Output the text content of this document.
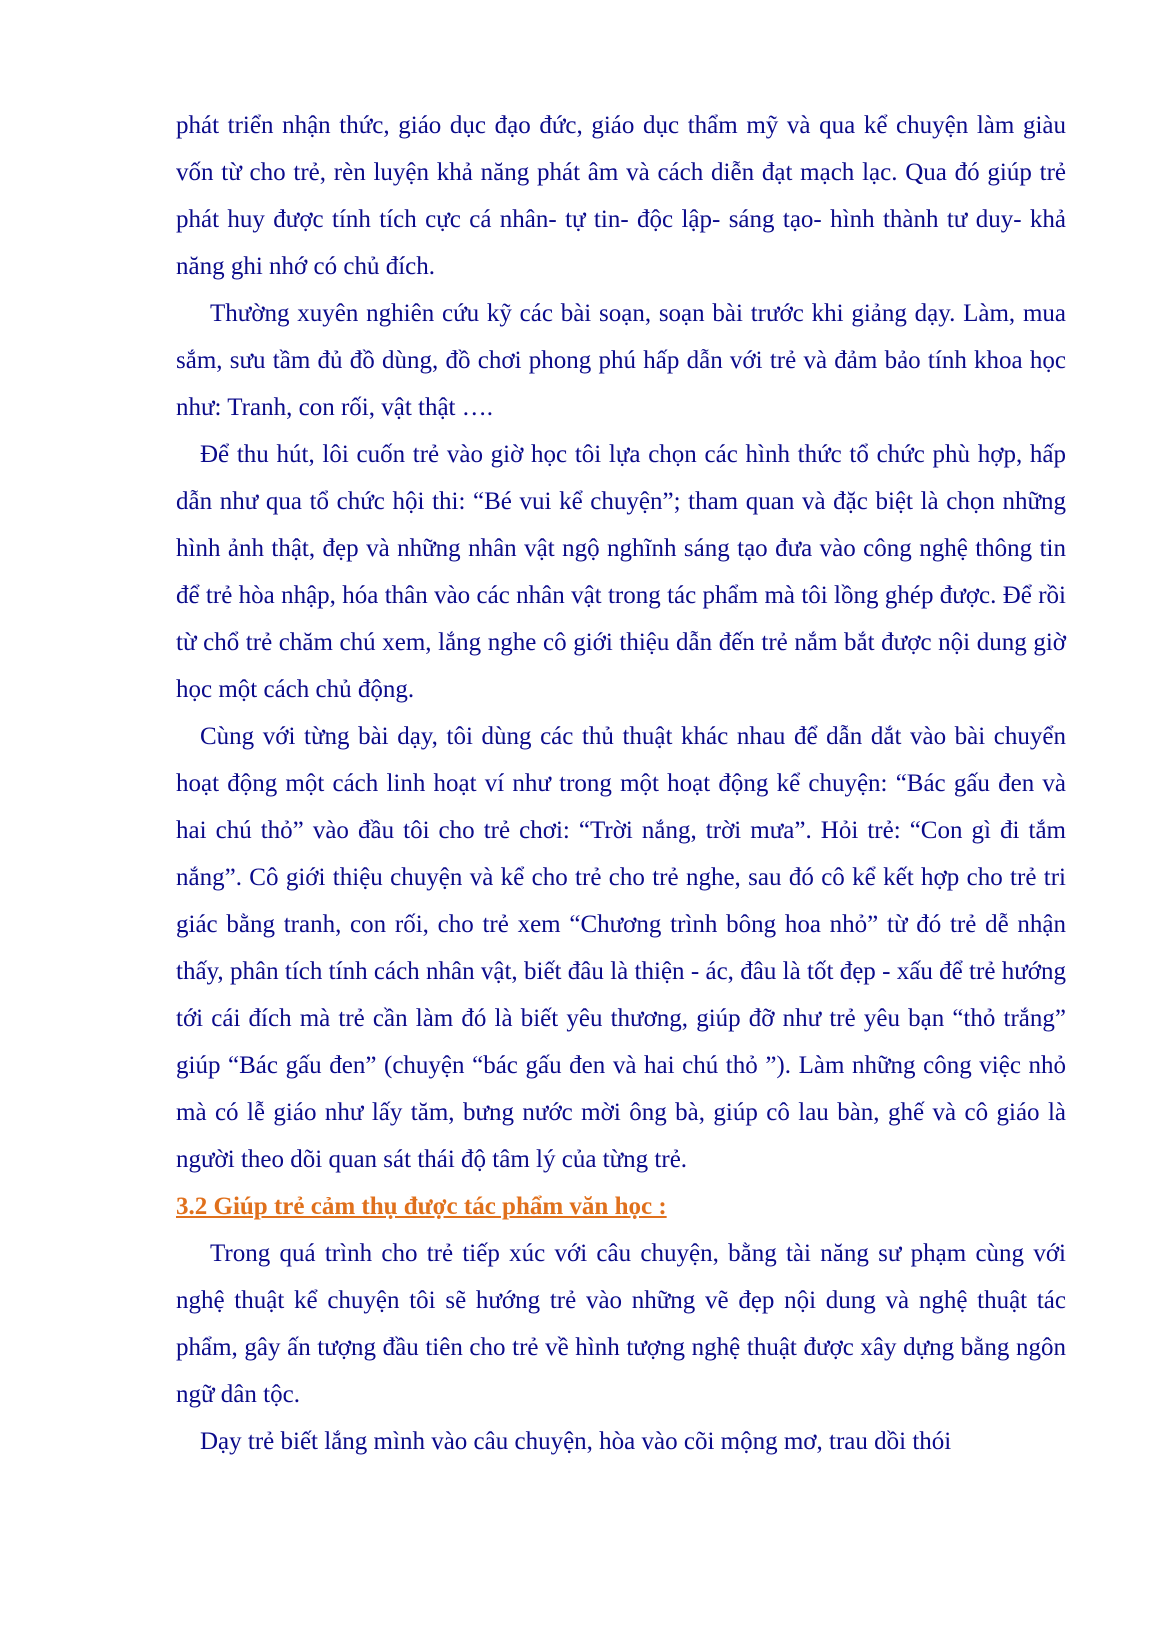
phát triển nhận thức, giáo dục đạo đức, giáo dục thẩm mỹ và qua kể chuyện làm giàu vốn từ cho trẻ, rèn luyện khả năng phát âm và cách diễn đạt mạch lạc. Qua đó giúp trẻ phát huy được tính tích cực cá nhân- tự tin- độc lập- sáng tạo- hình thành tư duy- khả năng ghi nhớ có chủ đích.

Thường xuyên nghiên cứu kỹ các bài soạn, soạn bài trước khi giảng dạy. Làm, mua sắm, sưu tầm đủ đồ dùng, đồ chơi phong phú hấp dẫn với trẻ và đảm bảo tính khoa học như: Tranh, con rối, vật thật ….

Để thu hút, lôi cuốn trẻ vào giờ học tôi lựa chọn các hình thức tổ chức phù hợp, hấp dẫn như qua tổ chức hội thi: “Bé vui kể chuyện”; tham quan và đặc biệt là chọn những hình ảnh thật, đẹp và những nhân vật ngộ nghĩnh sáng tạo đưa vào công nghệ thông tin để trẻ hòa nhập, hóa thân vào các nhân vật trong tác phẩm mà tôi lồng ghép được. Để rồi từ chổ trẻ chăm chú xem, lắng nghe cô giới thiệu dẫn đến trẻ nắm bắt được nội dung giờ học một cách chủ động.

Cùng với từng bài dạy, tôi dùng các thủ thuật khác nhau để dẫn dắt vào bài chuyển hoạt động một cách linh hoạt ví như trong một hoạt động kể chuyện: “Bác gấu đen và hai chú thỏ” vào đầu tôi cho trẻ chơi: “Trời nắng, trời mưa”. Hỏi trẻ: “Con gì đi tắm nắng”. Cô giới thiệu chuyện và kể cho trẻ cho trẻ nghe, sau đó cô kể kết hợp cho trẻ tri giác bằng tranh, con rối, cho trẻ xem “Chương trình bông hoa nhỏ” từ đó trẻ dễ nhận thấy, phân tích tính cách nhân vật, biết đâu là thiện - ác, đâu là tốt đẹp - xấu để trẻ hướng tới cái đích mà trẻ cần làm đó là biết yêu thương, giúp đỡ như trẻ yêu bạn “thỏ trắng” giúp “Bác gấu đen” (chuyện “bác gấu đen và hai chú thỏ ”). Làm những công việc nhỏ mà có lễ giáo như lấy tăm, bưng nước mời ông bà, giúp cô lau bàn, ghế và cô giáo là người theo dõi quan sát thái độ tâm lý của từng trẻ.

3.2 Giúp trẻ cảm thụ được tác phẩm văn học :

Trong quá trình cho trẻ tiếp xúc với câu chuyện, bằng tài năng sư phạm cùng với nghệ thuật kể chuyện tôi sẽ hướng trẻ vào những vẽ đẹp nội dung và nghệ thuật tác phẩm, gây ấn tượng đầu tiên cho trẻ về hình tượng nghệ thuật được xây dựng bằng ngôn ngữ dân tộc.

Dạy trẻ biết lắng mình vào câu chuyện, hòa vào cõi mộng mơ, trau dồi thói
